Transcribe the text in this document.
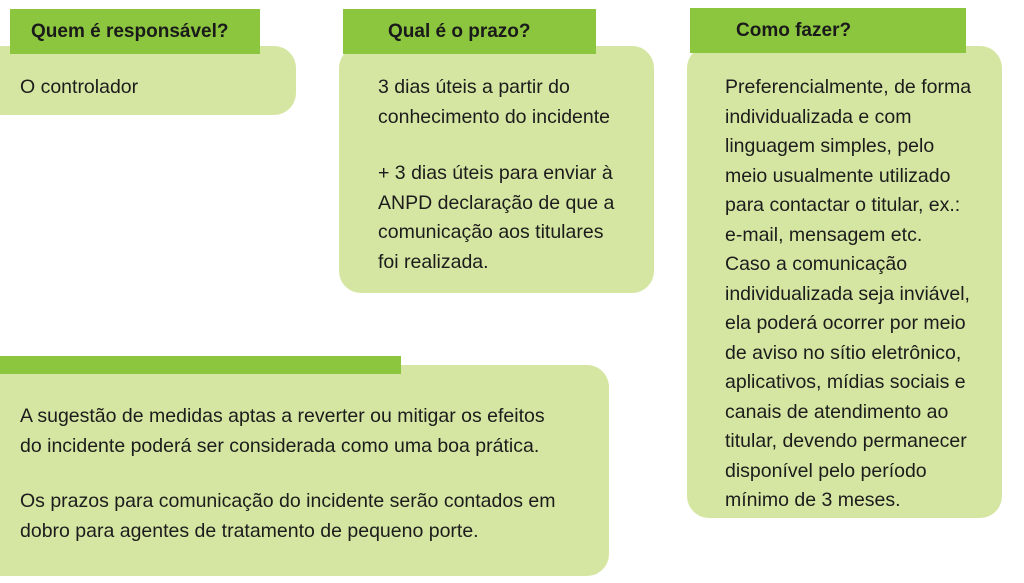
Quem é responsável?

O controlador

Qual é o prazo?

3 dias úteis a partir do
conhecimento do incidente

+ 3 dias úteis para enviar à
ANPD declaração de que a
comunicação aos titulares
foi realizada.

Como fazer?

Preferencialmente, de forma
individualizada e com
linguagem simples, pelo
meio usualmente utilizado
para contactar o titular, ex.:
e-mail, mensagem etc.
Caso a comunicação
individualizada seja inviável,
ela poderá ocorrer por meio
de aviso no sítio eletrônico,
aplicativos, mídias sociais e
canais de atendimento ao
titular, devendo permanecer
disponível pelo período
mínimo de 3 meses.

A sugestão de medidas aptas a reverter ou mitigar os efeitos
do incidente poderá ser considerada como uma boa prática.

Os prazos para comunicação do incidente serão contados em
dobro para agentes de tratamento de pequeno porte.
